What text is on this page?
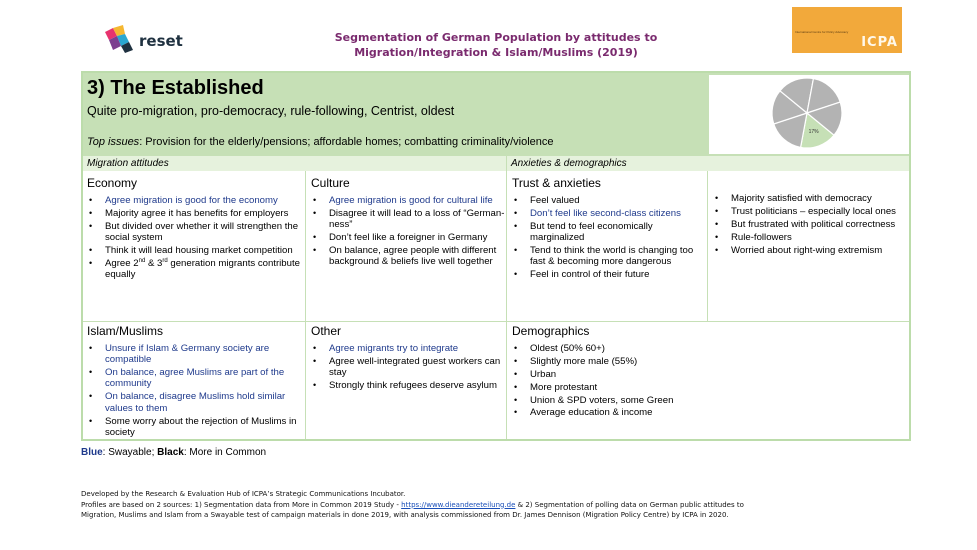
reset	Segmentation of German Population by attitudes to
Migration/Integration & Islam/Muslims (2019)
International Centre for Policy Advocacy
ICPA
3) The Established
Quite pro-migration, pro-democracy, rule-following, Centrist, oldest
Top issues: Provision for the elderly/pensions; affordable homes; combatting criminality/violence
17%
Migration attitudes	Anxieties & demographics
Economy
• Agree migration is good for the economy
• Majority agree it has benefits for employers
• But divided over whether it will strengthen the social system
• Think it will lead housing market competition
• Agree 2nd & 3rd generation migrants contribute equally
Culture
• Agree migration is good for cultural life
• Disagree it will lead to a loss of “German-ness”
• Don’t feel like a foreigner in Germany
• On balance, agree people with different background & beliefs live well together
Trust & anxieties
• Feel valued
• Don’t feel like second-class citizens
• But tend to feel economically marginalized
• Tend to think the world is changing too fast & becoming more dangerous
• Feel in control of their future
• Majority satisfied with democracy
• Trust politicians – especially local ones
• But frustrated with political correctness
• Rule-followers
• Worried about right-wing extremism
Islam/Muslims
• Unsure if Islam & Germany society are compatible
• On balance, agree Muslims are part of the community
• On balance, disagree Muslims hold similar values to them
• Some worry about the rejection of Muslims in society
Other
• Agree migrants try to integrate
• Agree well-integrated guest workers can stay
• Strongly think refugees deserve asylum
Demographics
• Oldest (50% 60+)
• Slightly more male (55%)
• Urban
• More protestant
• Union & SPD voters, some Green
• Average education & income
Blue: Swayable; Black: More in Common
Developed by the Research & Evaluation Hub of ICPA’s Strategic Communications Incubator.
Profiles are based on 2 sources: 1) Segmentation data from More in Common 2019 Study - https://www.dieandereteilung.de & 2) Segmentation of polling data on German public attitudes to
Migration, Muslims and Islam from a Swayable test of campaign materials in done 2019, with analysis commissioned from Dr. James Dennison (Migration Policy Centre) by ICPA in 2020.
